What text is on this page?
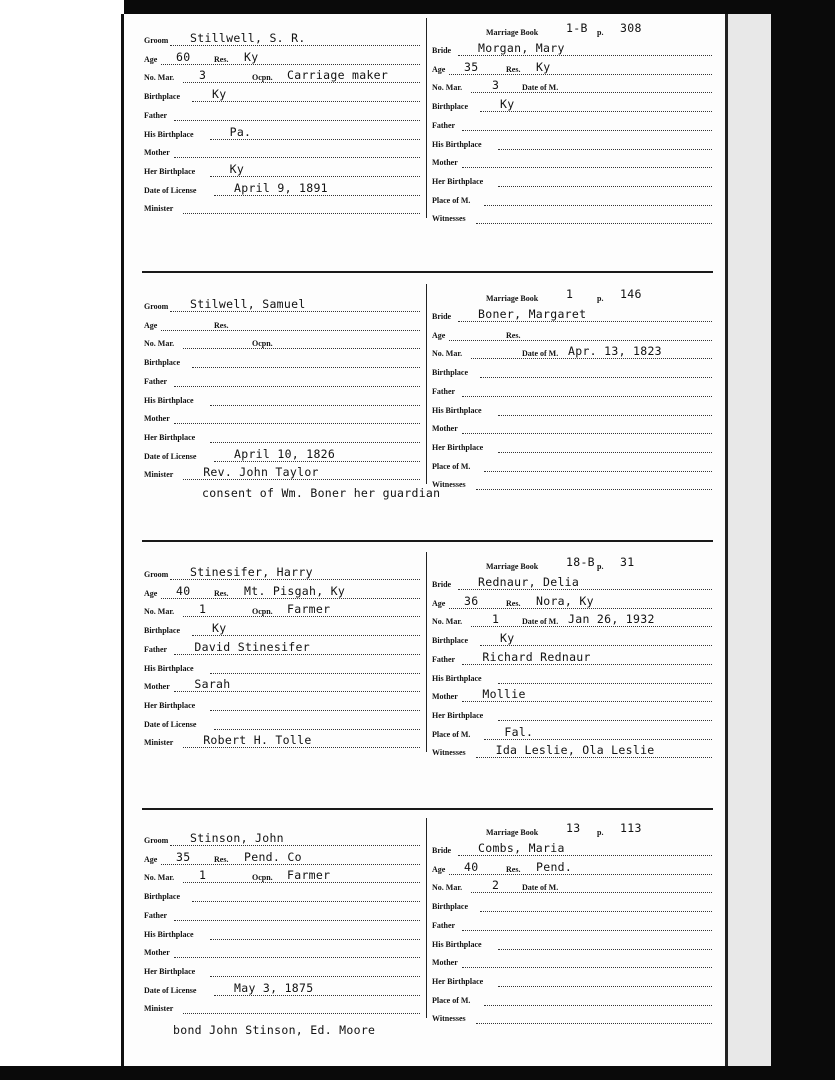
Groom Stillwell, S. R.
Age 60	Res. Ky
No. Mar. 3	Ocpn. Carriage maker
Birthplace	Ky
Father
His Birthplace	Pa.
Mother
Her Birthplace	Ky
Date of License	April 9, 1891
Minister
Marriage Book 1-B p. 308
Bride Morgan, Mary
Age 35	Res. Ky
No. Mar.	3	Date of M.
Birthplace	Ky
Father
His Birthplace
Mother
Her Birthplace
Place of M.
Witnesses
Groom Stilwell, Samuel
Age	Res.
No. Mar.	Ocpn.
Birthplace
Father
His Birthplace
Mother
Her Birthplace
Date of License	April 10, 1826
Minister	Rev. John Taylor
Marriage Book 1	p. 146
Bride Boner, Margaret
Age	Res.
No. Mar.	Date of M. Apr. 13, 1823
Birthplace
Father
His Birthplace
Mother
Her Birthplace
Place of M.
Witnesses
consent of Wm. Boner her guardian
Groom Stinesifer, Harry
Age 40	Res. Mt. Pisgah, Ky
No. Mar. 1	Ocpn. Farmer
Birthplace	Ky
Father David Stinesifer
His Birthplace
Mother Sarah
Her Birthplace
Date of License
Minister	Robert H. Tolle
Marriage Book 18-B p. 31
Bride Rednaur, Delia
Age 36	Res. Nora, Ky
No. Mar.	1	Date of M. Jan 26, 1932
Birthplace	Ky
Father Richard Rednaur
His Birthplace
Mother Mollie
Her Birthplace
Place of M.	Fal.
Witnesses	Ida Leslie, Ola Leslie
Groom Stinson, John
Age 35	Res. Pend. Co
No. Mar. 1	Ocpn. Farmer
Birthplace
Father
His Birthplace
Mother
Her Birthplace
Date of License	May 3, 1875
Minister
Marriage Book 13 p. 113
Bride Combs, Maria
Age 40	Res. Pend.
No. Mar.	2	Date of M.
Birthplace
Father
His Birthplace
Mother
Her Birthplace
Place of M.
Witnesses
bond John Stinson, Ed. Moore
